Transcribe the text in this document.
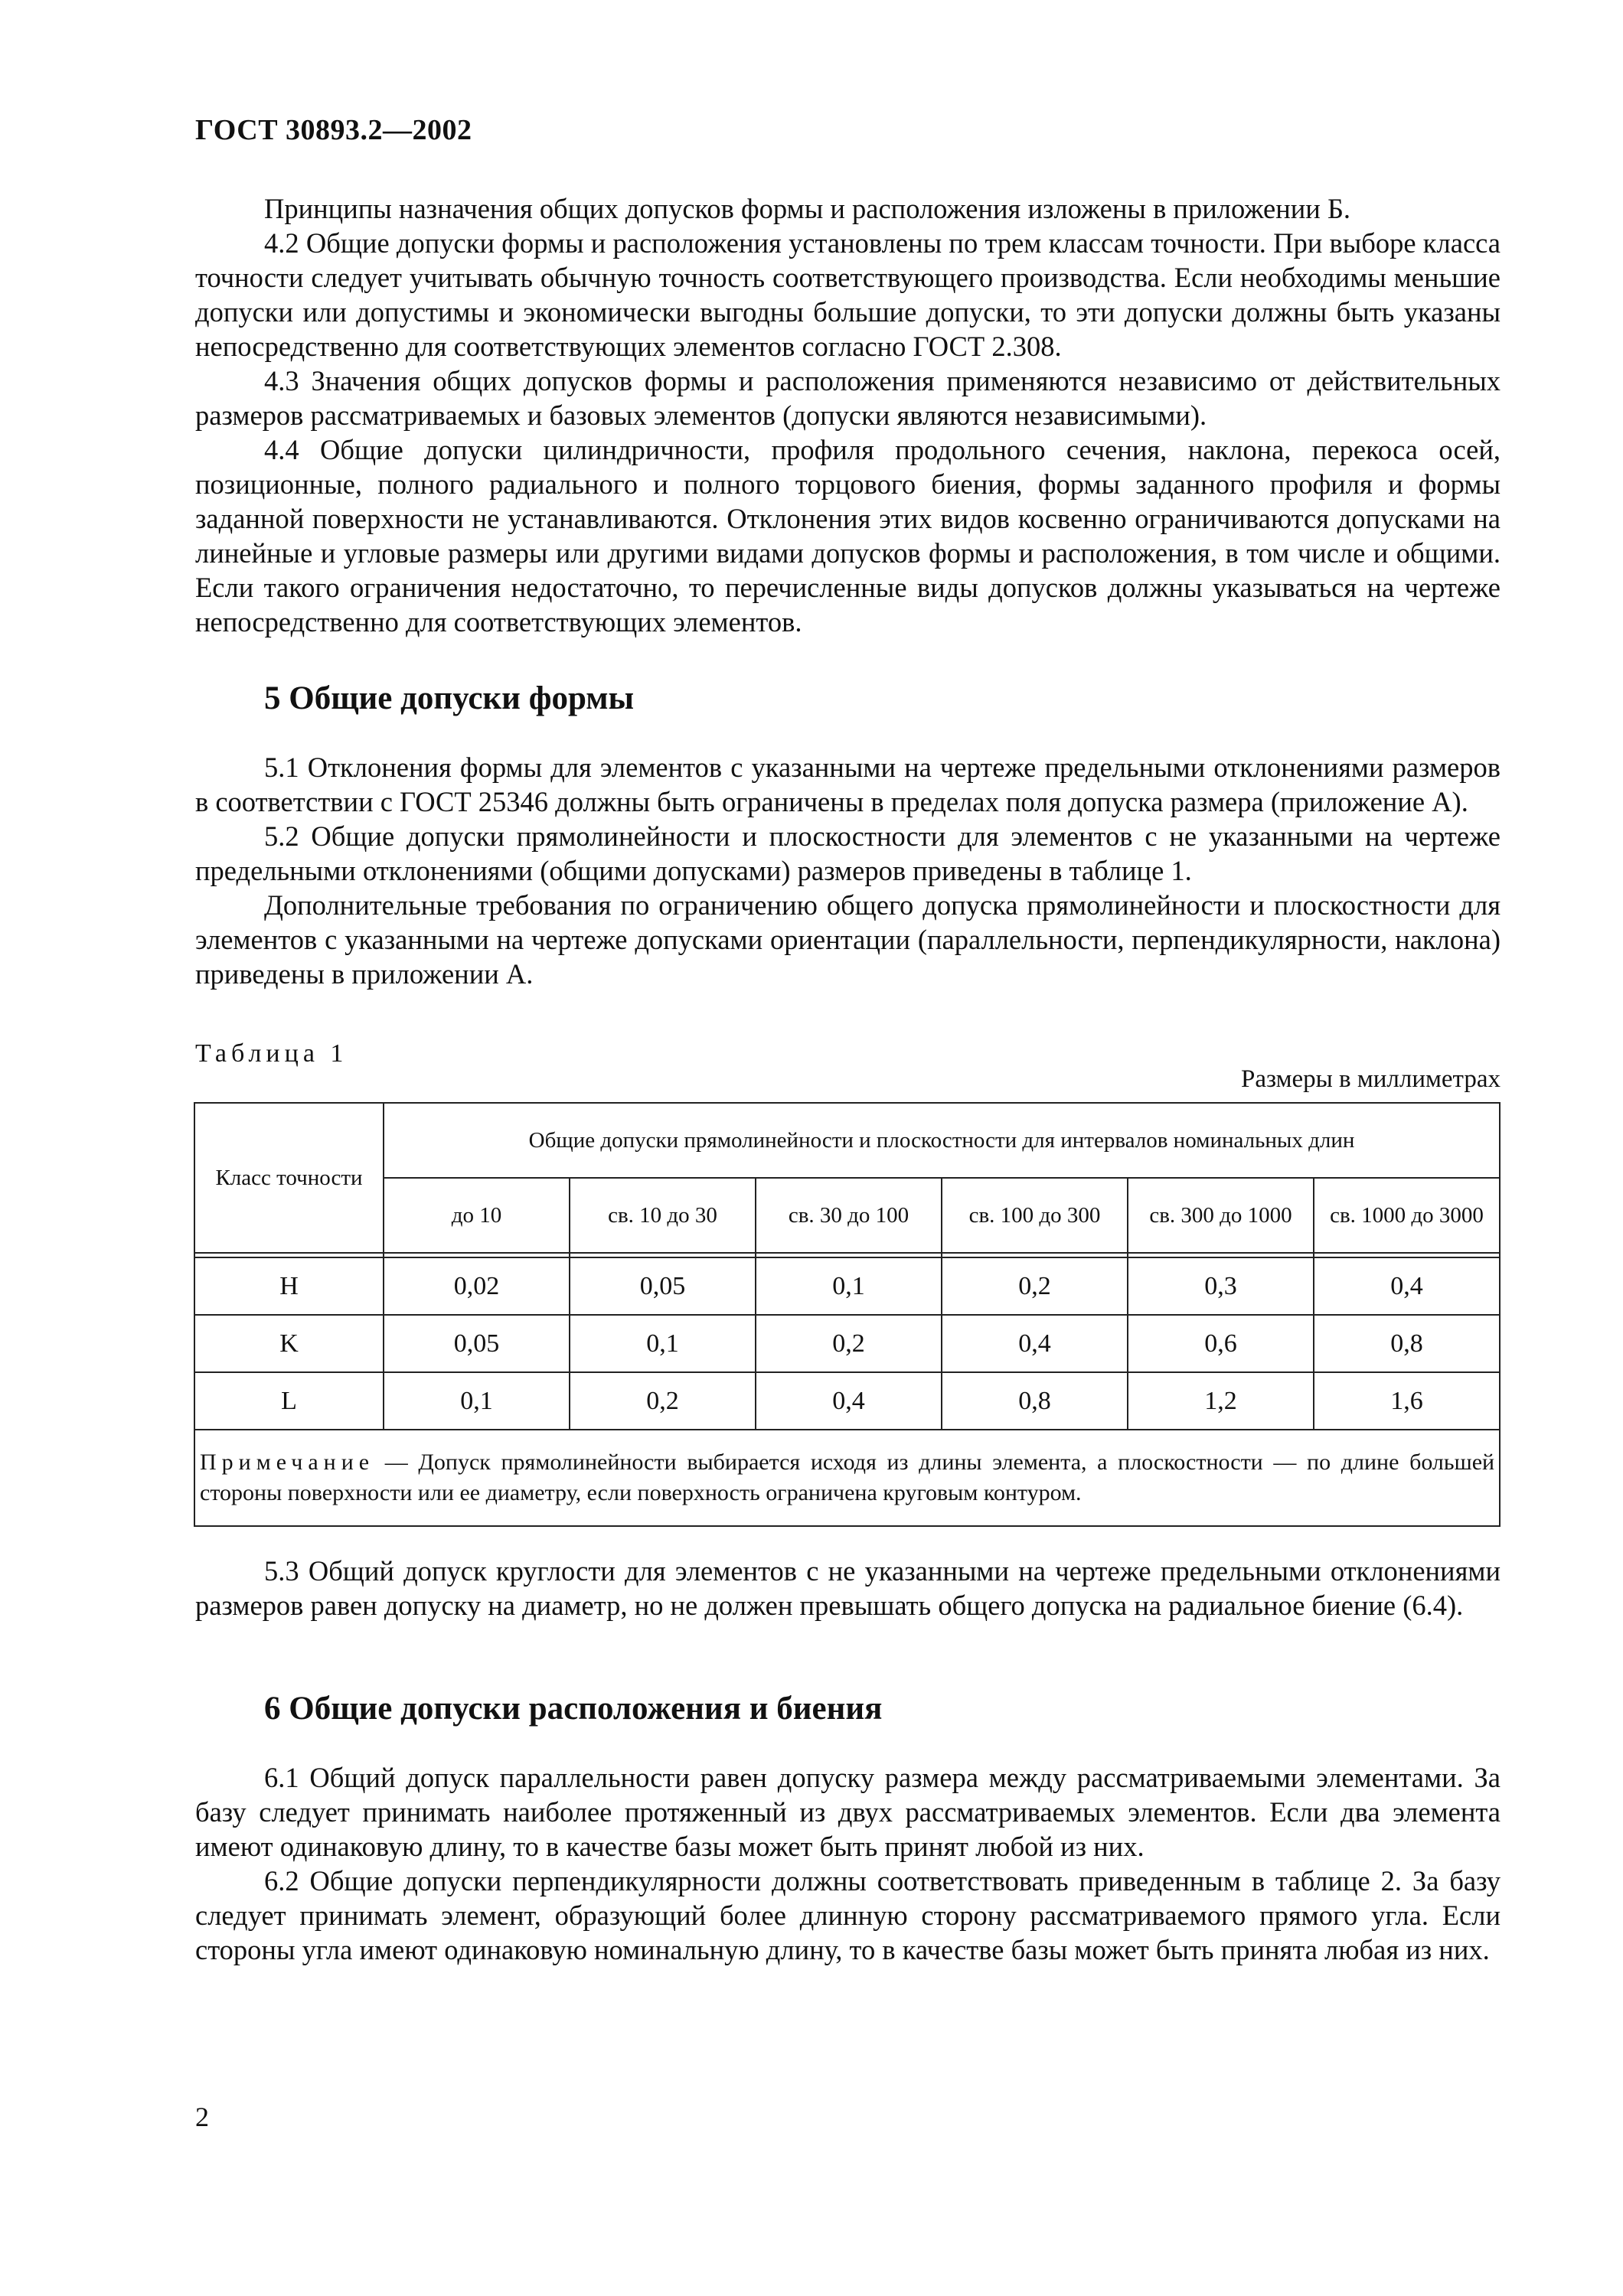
ГОСТ 30893.2—2002

Принципы назначения общих допусков формы и расположения изложены в приложении Б.

4.2 Общие допуски формы и расположения установлены по трем классам точности. При выборе класса точности следует учитывать обычную точность соответствующего производства. Если необходимы меньшие допуски или допустимы и экономически выгодны большие допуски, то эти допуски должны быть указаны непосредственно для соответствующих элементов согласно ГОСТ 2.308.

4.3 Значения общих допусков формы и расположения применяются независимо от действительных размеров рассматриваемых и базовых элементов (допуски являются независимыми).

4.4 Общие допуски цилиндричности, профиля продольного сечения, наклона, перекоса осей, позиционные, полного радиального и полного торцового биения, формы заданного профиля и формы заданной поверхности не устанавливаются. Отклонения этих видов косвенно ограничиваются допусками на линейные и угловые размеры или другими видами допусков формы и расположения, в том числе и общими. Если такого ограничения недостаточно, то перечисленные виды допусков должны указываться на чертеже непосредственно для соответствующих элементов.

5 Общие допуски формы

5.1 Отклонения формы для элементов с указанными на чертеже предельными отклонениями размеров в соответствии с ГОСТ 25346 должны быть ограничены в пределах поля допуска размера (приложение А).

5.2 Общие допуски прямолинейности и плоскостности для элементов с не указанными на чертеже предельными отклонениями (общими допусками) размеров приведены в таблице 1.

Дополнительные требования по ограничению общего допуска прямолинейности и плоскостности для элементов с указанными на чертеже допусками ориентации (параллельности, перпендикулярности, наклона) приведены в приложении А.

Таблица 1
Размеры в миллиметрах
Класс точности	Общие допуски прямолинейности и плоскостности для интервалов номинальных длин					
	до 10	св. 10 до 30	св. 30 до 100	св. 100 до 300	св. 300 до 1000	св. 1000 до 3000

H	0,02	0,05	0,1	0,2	0,3	0,4
K	0,05	0,1	0,2	0,4	0,6	0,8
L	0,1	0,2	0,4	0,8	1,2	1,6
Примечание — Допуск прямолинейности выбирается исходя из длины элемента, а плоскостности — по длине большей стороны поверхности или ее диаметру, если поверхность ограничена круговым контуром.						

5.3 Общий допуск круглости для элементов с не указанными на чертеже предельными отклонениями размеров равен допуску на диаметр, но не должен превышать общего допуска на радиальное биение (6.4).

6 Общие допуски расположения и биения

6.1 Общий допуск параллельности равен допуску размера между рассматриваемыми элементами. За базу следует принимать наиболее протяженный из двух рассматриваемых элементов. Если два элемента имеют одинаковую длину, то в качестве базы может быть принят любой из них.

6.2 Общие допуски перпендикулярности должны соответствовать приведенным в таблице 2. За базу следует принимать элемент, образующий более длинную сторону рассматриваемого прямого угла. Если стороны угла имеют одинаковую номинальную длину, то в качестве базы может быть принята любая из них.

2
